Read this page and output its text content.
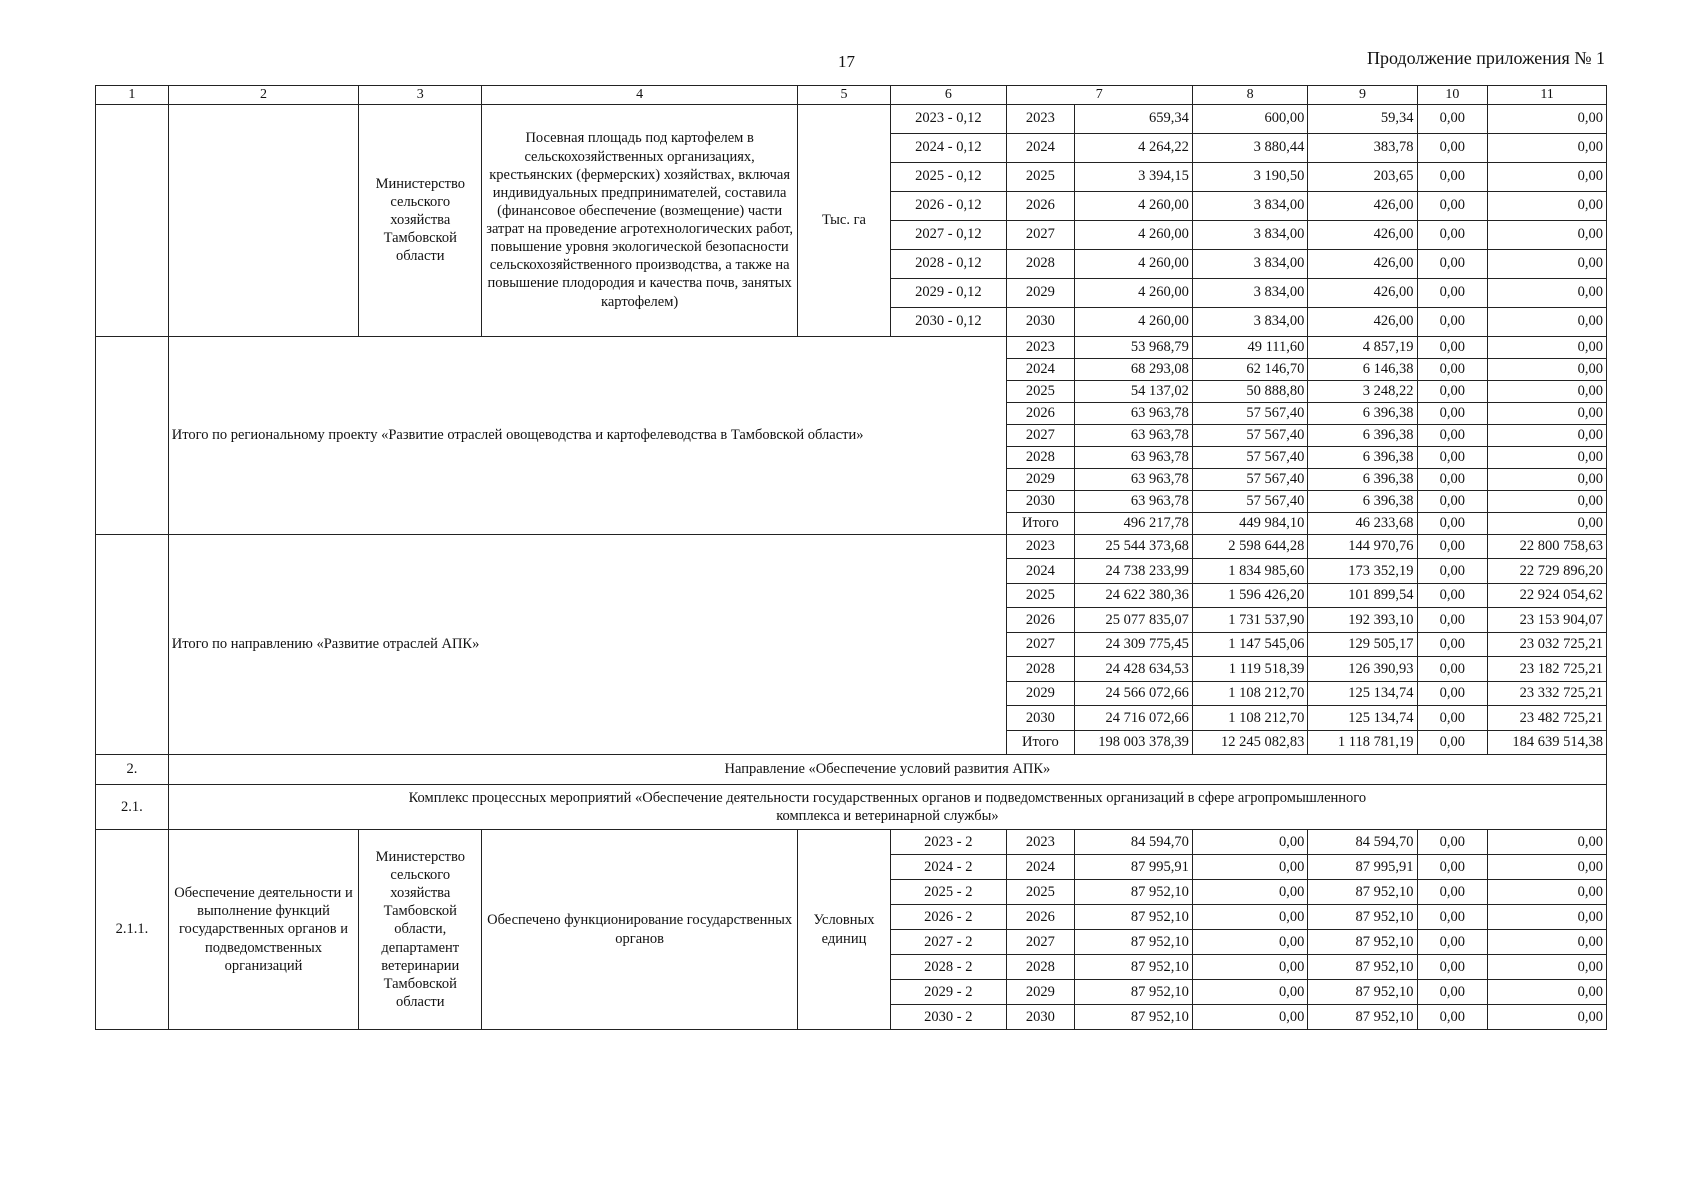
17	Продолжение приложения № 1
1	2	3	4	5	6	7		8	9	10	11
		Министерство сельского хозяйства Тамбовской области	Посевная площадь под картофелем в сельскохозяйственных организациях, крестьянских (фермерских) хозяйствах, включая индивидуальных предпринимателей, составила (финансовое обеспечение (возмещение) части затрат на проведение агротехнологических работ, повышение уровня экологической безопасности сельскохозяйственного производства, а также на повышение плодородия и качества почв, занятых картофелем)	Тыс. га	2023 - 0,12	2023	659,34	600,00	59,34	0,00	0,00
					2024 - 0,12	2024	4 264,22	3 880,44	383,78	0,00	0,00
					2025 - 0,12	2025	3 394,15	3 190,50	203,65	0,00	0,00
					2026 - 0,12	2026	4 260,00	3 834,00	426,00	0,00	0,00
					2027 - 0,12	2027	4 260,00	3 834,00	426,00	0,00	0,00
					2028 - 0,12	2028	4 260,00	3 834,00	426,00	0,00	0,00
					2029 - 0,12	2029	4 260,00	3 834,00	426,00	0,00	0,00
					2030 - 0,12	2030	4 260,00	3 834,00	426,00	0,00	0,00
	Итого по региональному проекту «Развитие отраслей овощеводства и картофелеводства в Тамбовской области»					2023	53 968,79	49 111,60	4 857,19	0,00	0,00
						2024	68 293,08	62 146,70	6 146,38	0,00	0,00
						2025	54 137,02	50 888,80	3 248,22	0,00	0,00
						2026	63 963,78	57 567,40	6 396,38	0,00	0,00
						2027	63 963,78	57 567,40	6 396,38	0,00	0,00
						2028	63 963,78	57 567,40	6 396,38	0,00	0,00
						2029	63 963,78	57 567,40	6 396,38	0,00	0,00
						2030	63 963,78	57 567,40	6 396,38	0,00	0,00
						Итого	496 217,78	449 984,10	46 233,68	0,00	0,00
	Итого по направлению «Развитие отраслей АПК»					2023	25 544 373,68	2 598 644,28	144 970,76	0,00	22 800 758,63
						2024	24 738 233,99	1 834 985,60	173 352,19	0,00	22 729 896,20
						2025	24 622 380,36	1 596 426,20	101 899,54	0,00	22 924 054,62
						2026	25 077 835,07	1 731 537,90	192 393,10	0,00	23 153 904,07
						2027	24 309 775,45	1 147 545,06	129 505,17	0,00	23 032 725,21
						2028	24 428 634,53	1 119 518,39	126 390,93	0,00	23 182 725,21
						2029	24 566 072,66	1 108 212,70	125 134,74	0,00	23 332 725,21
						2030	24 716 072,66	1 108 212,70	125 134,74	0,00	23 482 725,21
						Итого	198 003 378,39	12 245 082,83	1 118 781,19	0,00	184 639 514,38
2.	Направление «Обеспечение условий развития АПК»										
2.1.	Комплекс процессных мероприятий «Обеспечение деятельности государственных органов и подведомственных организаций в сфере агропромышленного комплекса и ветеринарной службы»										
2.1.1.	Обеспечение деятельности и выполнение функций государственных органов и подведомственных организаций	Министерство сельского хозяйства Тамбовской области, департамент ветеринарии Тамбовской области	Обеспечено функционирование государственных органов	Условных единиц	2023 - 2	2023	84 594,70	0,00	84 594,70	0,00	0,00
					2024 - 2	2024	87 995,91	0,00	87 995,91	0,00	0,00
					2025 - 2	2025	87 952,10	0,00	87 952,10	0,00	0,00
					2026 - 2	2026	87 952,10	0,00	87 952,10	0,00	0,00
					2027 - 2	2027	87 952,10	0,00	87 952,10	0,00	0,00
					2028 - 2	2028	87 952,10	0,00	87 952,10	0,00	0,00
					2029 - 2	2029	87 952,10	0,00	87 952,10	0,00	0,00
					2030 - 2	2030	87 952,10	0,00	87 952,10	0,00	0,00
